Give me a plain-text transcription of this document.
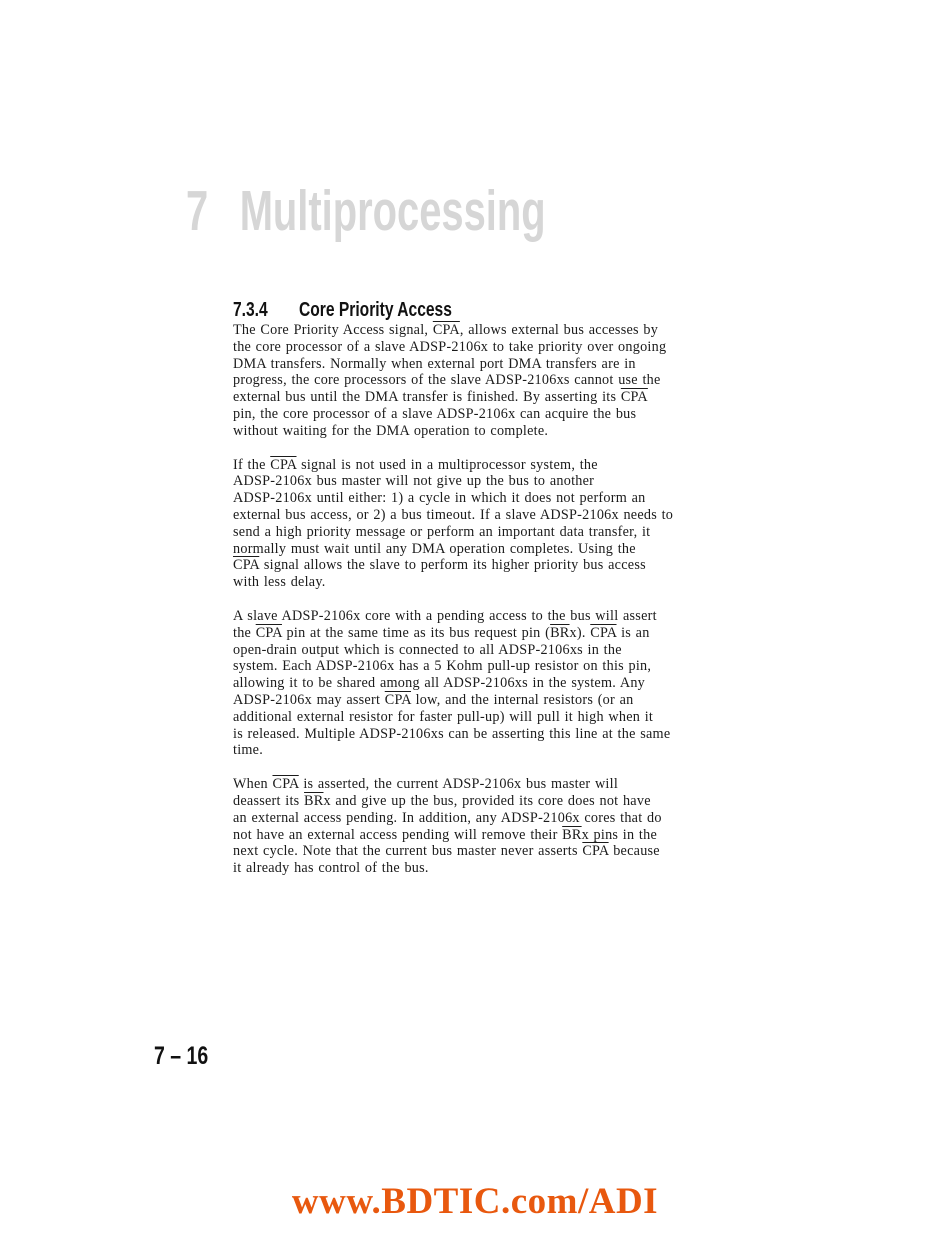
7 Multiprocessing
7.3.4 Core Priority Access
The Core Priority Access signal, $\overline{CPA}$, allows external bus accesses by
the core processor of a slave ADSP-2106x to take priority over ongoing
DMA transfers. Normally when external port DMA transfers are in
progress, the core processors of the slave ADSP-2106xs cannot use the
external bus until the DMA transfer is finished. By asserting its $\overline{CPA}$
pin, the core processor of a slave ADSP-2106x can acquire the bus
without waiting for the DMA operation to complete.
If the $\overline{CPA}$ signal is not used in a multiprocessor system, the
ADSP-2106x bus master will not give up the bus to another
ADSP-2106x until either: 1) a cycle in which it does not perform an
external bus access, or 2) a bus timeout. If a slave ADSP-2106x needs to
send a high priority message or perform an important data transfer, it
normally must wait until any DMA operation completes. Using the
$\overline{CPA}$ signal allows the slave to perform its higher priority bus access
with less delay.
A slave ADSP-2106x core with a pending access to the bus will assert
the $\overline{CPA}$ pin at the same time as its bus request pin $(\overline{BR}x)$. $\overline{CPA}$ is an
open-drain output which is connected to all ADSP-2106xs in the
system. Each ADSP-2106x has a 5 Kohm pull-up resistor on this pin,
allowing it to be shared among all ADSP-2106xs in the system. Any
ADSP-2106x may assert $\overline{CPA}$ low, and the internal resistors (or an
additional external resistor for faster pull-up) will pull it high when it
is released. Multiple ADSP-2106xs can be asserting this line at the same
time.
When $\overline{CPA}$ is asserted, the current ADSP-2106x bus master will
deassert its $\overline{BR}x$ and give up the bus, provided its core does not have
an external access pending. In addition, any ADSP-2106x cores that do
not have an external access pending will remove their $\overline{BR}x$ pins in the
next cycle. Note that the current bus master never asserts $\overline{CPA}$ because
it already has control of the bus.
7 – 16
www.BDTIC.com/ADI
